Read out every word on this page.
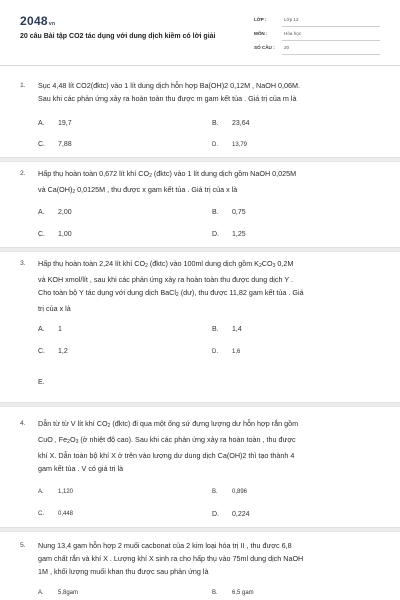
2048vn
20 câu Bài tập CO2 tác dụng với dung dịch kiềm có lời giải
LỚP :	Lớp 12
MÔN :	Hóa học
SỐ CÂU : 20
1. Sục 4,48 lít CO2(đktc) vào 1 lít dung dịch hỗn hợp Ba(OH)2 0,12M , NaOH 0,06M.
Sau khi các phản ứng xảy ra hoàn toàn thu được m gam kết tủa . Giá trị của m là
A. 19,7	B. 23,64
C. 7,88	D. 13,79
2. Hấp thụ hoàn toàn 0,672 lít khí $CO_2$ (đktc) vào 1 lít dung dịch gồm NaOH 0,025M
và $Ca(OH)_2$ 0,0125M , thu được x gam kết tủa . Giá trị của x là
A. 2,00	B. 0,75
C. 1,00	D. 1,25
3. Hấp thụ hoàn toàn 2,24 lít khí $CO_2$ (đktc) vào 100ml dung dịch gồm $K_2CO_3$ 0,2M
và KOH xmol/lít , sau khi các phản ứng xảy ra hoàn toàn thu được dung dịch Y .
Cho toàn bộ Y tác dụng với dung dịch BaCl$_2$ (dư), thu được 11,82 gam kết tủa . Giá
trị của x là
A. 1	B. 1,4
C. 1,2	D. 1,6
E.
4. Dẫn từ từ V lít khí $CO_2$ (đktc) đi qua một ống sứ đựng lượng dư hỗn hợp rắn gồm
CuO , $Fe_2O_3$ (ở nhiệt độ cao). Sau khi các phản ứng xảy ra hoàn toàn , thu được
khí X. Dẫn toàn bộ khí X ở trên vào lượng dư dung dịch Ca(OH)2 thì tạo thành 4
gam kết tủa . V có giá trị là
A. 1,120	B. 0,896
C. 0,448	D. 0,224
5. Nung 13,4 gam hỗn hợp 2 muối cacbonat của 2 kim loại hóa trị II , thu được 6,8
gam chất rắn và khí X . Lượng khí X sinh ra cho hấp thụ vào 75ml dung dịch NaOH
1M , khối lượng muối khan thu được sau phản ứng là
A. 5,8gam	B. 6,5 gam
